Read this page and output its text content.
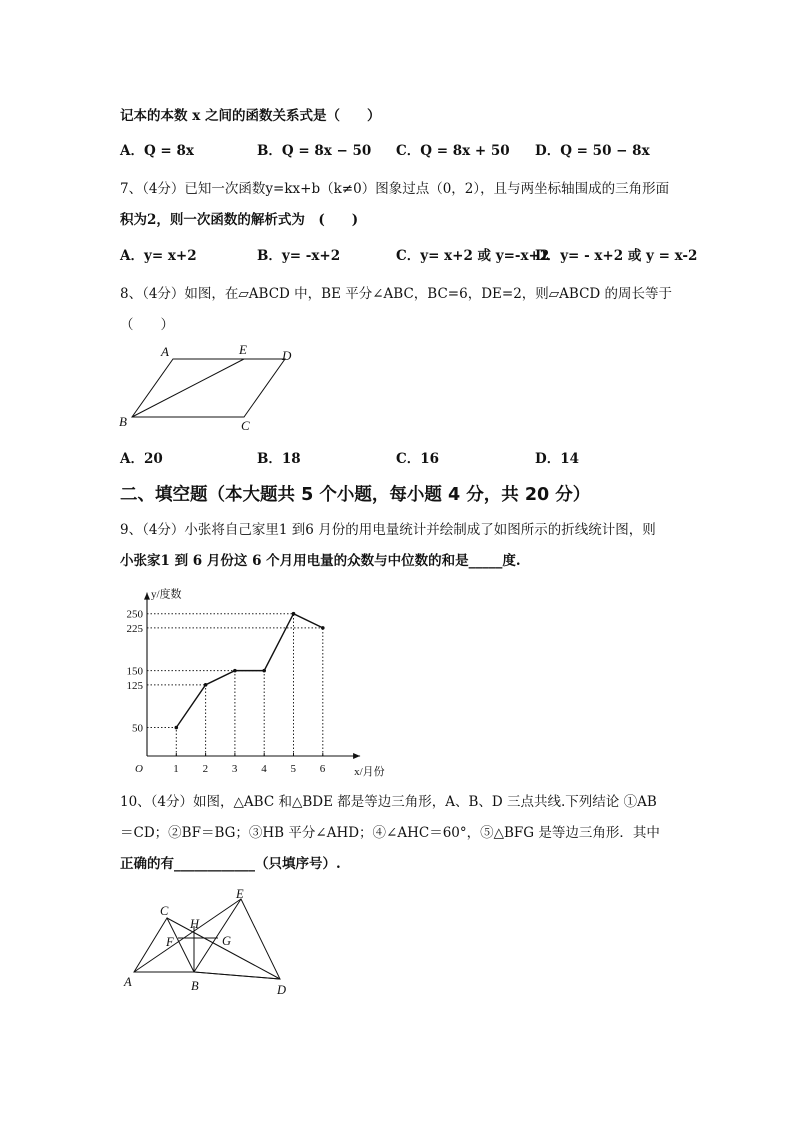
记本的本数 x 之间的函数关系式是（　　）
A．Q = 8x	B．Q = 8x − 50 C．Q = 8x + 50 D．Q = 50 − 8x
7、（4分）已知一次函数y=kx+b（k≠0）图象过点（0，2），且与两坐标轴围成的三角形面
积为2，则一次函数的解析式为　(　　)
A．y= x+2	B．y= -x+2	C．y= x+2 或 y=-x+2
D．y= - x+2 或 y = x-2
8、（4分）如图，在▱ABCD 中，BE 平分∠ABC，BC=6，DE=2，则▱ABCD 的周长等于
（　　）
A	E	D
B	C
A．20	B．18	C．16	D．14
二、填空题（本大题共 5 个小题，每小题 4 分，共 20 分）
9、（4分）小张将自己家里1 到6 月份的用电量统计并绘制成了如图所示的折线统计图，则
小张家1 到 6 月份这 6 个月用电量的众数与中位数的和是_____度.
1 2 3 4 5 6
50
125
150
225
250
O	x/月份
y/度数
10、（4分）如图，△ABC 和△BDE 都是等边三角形，A、B、D 三点共线.下列结论 ①AB
＝CD；②BF＝BG；③HB 平分∠AHD；④∠AHC＝60°，⑤△BFG 是等边三角形．其中
正确的有____________（只填序号）.
C
H
E
F	G
A	B	D
